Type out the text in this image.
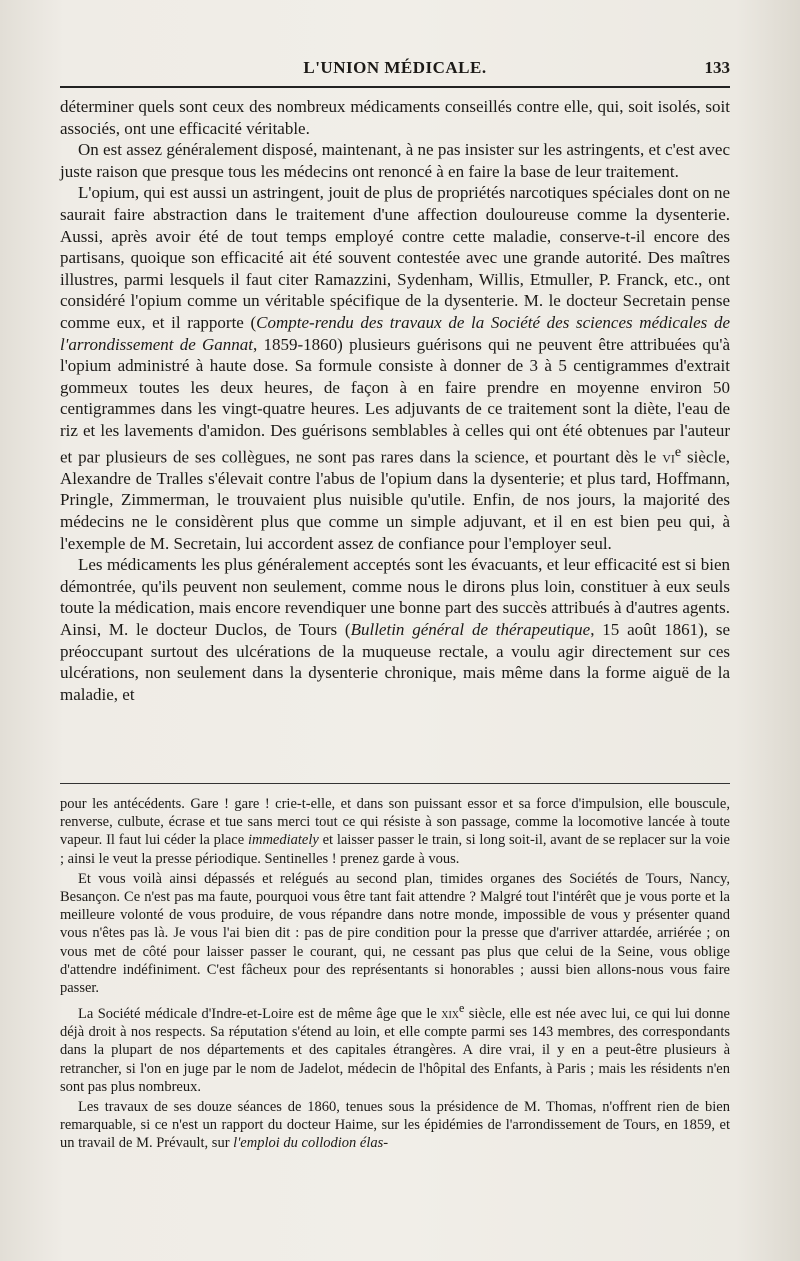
L'UNION MÉDICALE.	133

déterminer quels sont ceux des nombreux médicaments conseillés contre elle, qui, soit isolés, soit associés, ont une efficacité véritable.

On est assez généralement disposé, maintenant, à ne pas insister sur les astringents, et c'est avec juste raison que presque tous les médecins ont renoncé à en faire la base de leur traitement.

L'opium, qui est aussi un astringent, jouit de plus de propriétés narcotiques spéciales dont on ne saurait faire abstraction dans le traitement d'une affection douloureuse comme la dysenterie. Aussi, après avoir été de tout temps employé contre cette maladie, conserve-t-il encore des partisans, quoique son efficacité ait été souvent contestée avec une grande autorité. Des maîtres illustres, parmi lesquels il faut citer Ramazzini, Sydenham, Willis, Etmuller, P. Franck, etc., ont considéré l'opium comme un véritable spécifique de la dysenterie. M. le docteur Secretain pense comme eux, et il rapporte (Compte-rendu des travaux de la Société des sciences médicales de l'arrondissement de Gannat, 1859-1860) plusieurs guérisons qui ne peuvent être attribuées qu'à l'opium administré à haute dose. Sa formule consiste à donner de 3 à 5 centigrammes d'extrait gommeux toutes les deux heures, de façon à en faire prendre en moyenne environ 50 centigrammes dans les vingt-quatre heures. Les adjuvants de ce traitement sont la diète, l'eau de riz et les lavements d'amidon. Des guérisons semblables à celles qui ont été obtenues par l'auteur et par plusieurs de ses collègues, ne sont pas rares dans la science, et pourtant dès le $vi^e$ siècle, Alexandre de Tralles s'élevait contre l'abus de l'opium dans la dysenterie; et plus tard, Hoffmann, Pringle, Zimmerman, le trouvaient plus nuisible qu'utile. Enfin, de nos jours, la majorité des médecins ne le considèrent plus que comme un simple adjuvant, et il en est bien peu qui, à l'exemple de M. Secretain, lui accordent assez de confiance pour l'employer seul.

Les médicaments les plus généralement acceptés sont les évacuants, et leur efficacité est si bien démontrée, qu'ils peuvent non seulement, comme nous le dirons plus loin, constituer à eux seuls toute la médication, mais encore revendiquer une bonne part des succès attribués à d'autres agents. Ainsi, M. le docteur Duclos, de Tours (Bulletin général de thérapeutique, 15 août 1861), se préoccupant surtout des ulcérations de la muqueuse rectale, a voulu agir directement sur ces ulcérations, non seulement dans la dysenterie chronique, mais même dans la forme aiguë de la maladie, et

pour les antécédents. Gare ! gare ! crie-t-elle, et dans son puissant essor et sa force d'impulsion, elle bouscule, renverse, culbute, écrase et tue sans merci tout ce qui résiste à son passage, comme la locomotive lancée à toute vapeur. Il faut lui céder la place immediately et laisser passer le train, si long soit-il, avant de se replacer sur la voie ; ainsi le veut la presse périodique. Sentinelles ! prenez garde à vous.

Et vous voilà ainsi dépassés et relégués au second plan, timides organes des Sociétés de Tours, Nancy, Besançon. Ce n'est pas ma faute, pourquoi vous être tant fait attendre ? Malgré tout l'intérêt que je vous porte et la meilleure volonté de vous produire, de vous répandre dans notre monde, impossible de vous y présenter quand vous n'êtes pas là. Je vous l'ai bien dit : pas de pire condition pour la presse que d'arriver attardée, arriérée ; on vous met de côté pour laisser passer le courant, qui, ne cessant pas plus que celui de la Seine, vous oblige d'attendre indéfiniment. C'est fâcheux pour des représentants si honorables ; aussi bien allons-nous vous faire passer.

La Société médicale d'Indre-et-Loire est de même âge que le xix$^e$ siècle, elle est née avec lui, ce qui lui donne déjà droit à nos respects. Sa réputation s'étend au loin, et elle compte parmi ses 143 membres, des correspondants dans la plupart de nos départements et des capitales étrangères. A dire vrai, il y en a peut-être plusieurs à retrancher, si l'on en juge par le nom de Jadelot, médecin de l'hôpital des Enfants, à Paris ; mais les résidents n'en sont pas plus nombreux.

Les travaux de ses douze séances de 1860, tenues sous la présidence de M. Thomas, n'offrent rien de bien remarquable, si ce n'est un rapport du docteur Haime, sur les épidémies de l'arrondissement de Tours, en 1859, et un travail de M. Prévault, sur l'emploi du collodion élas-
